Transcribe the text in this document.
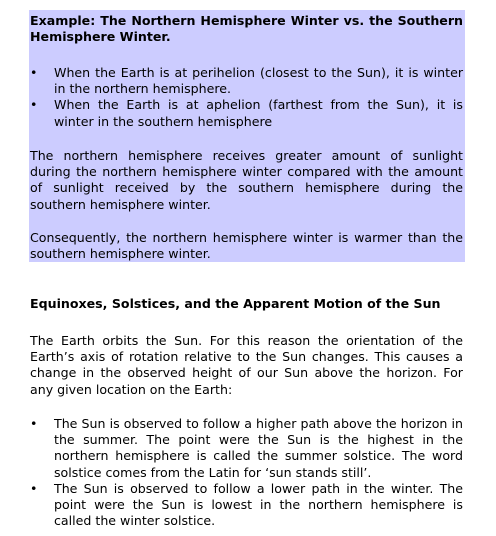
Example: The Northern Hemisphere Winter vs. the Southern Hemisphere Winter.

• When the Earth is at perihelion (closest to the Sun), it is winter in the northern hemisphere.
• When the Earth is at aphelion (farthest from the Sun), it is winter in the southern hemisphere

The northern hemisphere receives greater amount of sunlight during the northern hemisphere winter compared with the amount of sunlight received by the southern hemisphere during the southern hemisphere winter.

Consequently, the northern hemisphere winter is warmer than the southern hemisphere winter.

Equinoxes, Solstices, and the Apparent Motion of the Sun

The Earth orbits the Sun. For this reason the orientation of the Earth’s axis of rotation relative to the Sun changes. This causes a change in the observed height of our Sun above the horizon. For any given location on the Earth:

• The Sun is observed to follow a higher path above the horizon in the summer. The point were the Sun is the highest in the northern hemisphere is called the summer solstice. The word solstice comes from the Latin for ‘sun stands still’.
• The Sun is observed to follow a lower path in the winter. The point were the Sun is lowest in the northern hemisphere is called the winter solstice.
